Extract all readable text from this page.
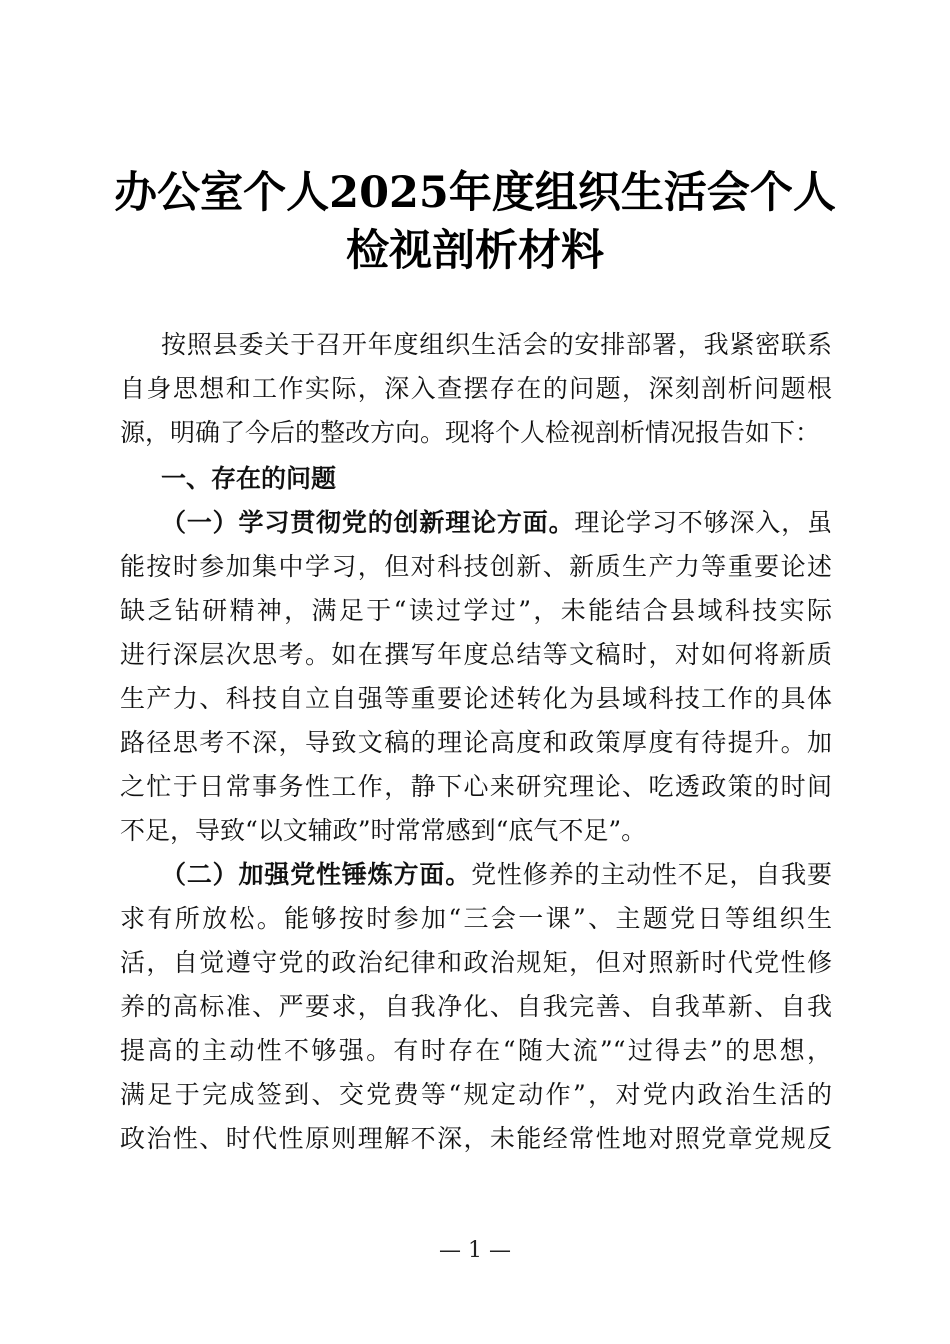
办公室个人2025年度组织生活会个人
检视剖析材料
按照县委关于召开年度组织生活会的安排部署，我紧密联系
自身思想和工作实际，深入查摆存在的问题，深刻剖析问题根
源，明确了今后的整改方向。现将个人检视剖析情况报告如下：
一、存在的问题
（一）学习贯彻党的创新理论方面。理论学习不够深入，虽
能按时参加集中学习，但对科技创新、新质生产力等重要论述
缺乏钻研精神，满足于“读过学过”，未能结合县域科技实际
进行深层次思考。如在撰写年度总结等文稿时，对如何将新质
生产力、科技自立自强等重要论述转化为县域科技工作的具体
路径思考不深，导致文稿的理论高度和政策厚度有待提升。加
之忙于日常事务性工作，静下心来研究理论、吃透政策的时间
不足，导致“以文辅政”时常常感到“底气不足”。
（二）加强党性锤炼方面。党性修养的主动性不足，自我要
求有所放松。能够按时参加“三会一课”、主题党日等组织生
活，自觉遵守党的政治纪律和政治规矩，但对照新时代党性修
养的高标准、严要求，自我净化、自我完善、自我革新、自我
提高的主动性不够强。有时存在“随大流”“过得去”的思想，
满足于完成签到、交党费等“规定动作”，对党内政治生活的
政治性、时代性原则理解不深，未能经常性地对照党章党规反
— 1 —
